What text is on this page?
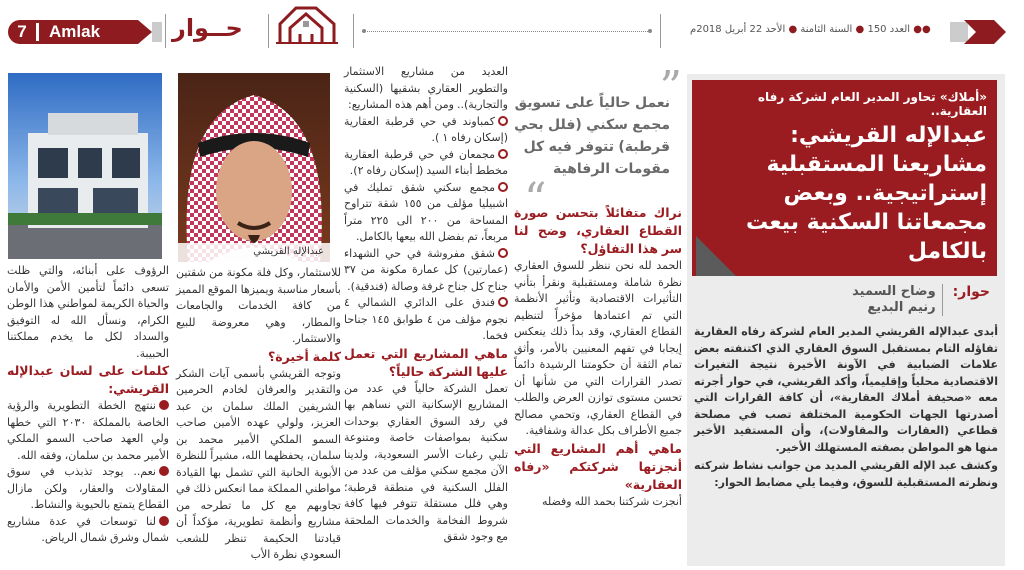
7	Amlak	حــوار	●● العدد 150 ● السنة الثامنة ● الأحد 22 أبريل 2018م
«أملاك» تحاور المدير العام لشركة رفاه العقارية..
عبدالإله القريشي: مشاريعنا المستقبلية إستراتيجية.. وبعض مجمعاتنا السكنية بيعت بالكامل
حوار:
وضاح السميد
رنيم البديع

أبدى عبدالإله القريشي المدير العام لشركة رفاه العقارية تفاؤله التام بمستقبل السوق العقاري الذي اكتنفته بعض علامات الضبابية في الآونة الأخيرة نتيجة التغيرات الاقتصادية محلياً وإقليمياً، وأكد القريشي، في حوار أجرته معه «صحيفة أملاك العقارية»، أن كافة القرارات التي أصدرتها الجهات الحكومية المختلفة تصب في مصلحة قطاعي (العقارات والمقاولات)، وأن المستفيد الأخير منها هو المواطن بصفته المستهلك الأخير.

وكشف عبد الإله القريشي المديد من جوانب نشاط شركته ونظرته المستقبلية للسوق، وفيما يلي مضابط الحوار:

”
نعمل حالياً على تسويق مجمع سكني (فلل بحي قرطبة) تتوفر فيه كل مقومات الرفاهية
“
نراك متفائلاً بتحسن صورة القطاع العقاري، وضح لنا سر هذا التفاؤل؟

الحمد لله نحن ننظر للسوق العقاري نظرة شاملة ومستقبلية ونقرأ بتأني التأثيرات الاقتصادية وتأثير الأنظمة التي تم اعتمادها مؤخراً لتنظيم القطاع العقاري، وقد بدأ ذلك ينعكس إيجابا في تفهم المعنيين بالأمر، وأثق تمام الثقة أن حكومتنا الرشيدة دائماً تصدر القرارات التي من شأنها أن تحسن مستوى توازن العرض والطلب في القطاع العقاري، وتحمي مصالح جميع الأطراف بكل عدالة وشفافية.

ماهي أهم المشاريع التي أنجزتها شركتكم «رفاه العقارية»

أنجزت شركتنا بحمد الله وفضله

العديد من مشاريع الاستثمار والتطوير العقاري بشقيها (السكنية والتجارية).. ومن أهم هذه المشاريع:

كمباوند في حي قرطبة العقارية (إسكان رفاه ١ ).

مجمعان في حي قرطبة العقارية مخطط أبناء السيد (إسكان رفاه ٢).

مجمع سكني شقق تمليك في اشبيليا مؤلف من ١٥٥ شقة تتراوح المساحة من ٢٠٠ الى ٢٢٥ متراً مربعاً، تم بفضل الله بيعها بالكامل.

شقق مفروشة في حي الشهداء (عمارتين) كل عمارة مكونة من ٣٧ جناح كل جناح غرفة وصالة (فندقية).

فندق على الدائري الشمالي ٤ نجوم مؤلف من ٤ طوابق ١٤٥ جناحا فخما.

ماهي المشاريع التي تعمل عليها الشركة حالياً؟

تعمل الشركة حالياً في عدد من المشاريع الإسكانية التي نساهم بها في رفد السوق العقاري بوحدات سكنية بمواصفات خاصة ومتنوعة تلبي رغبات الأسر السعودية، ولدينا الآن مجمع سكني مؤلف من عدد من الفلل السكنية في منطقة قرطبة؛ وهي فلل مستقلة تتوفر فيها كافة شروط الفخامة والخدمات الملحقة مع وجود شقق

عبدالإله القريشي

للاستثمار، وكل فلة مكونة من شقتين بأسعار مناسبة ويميزها الموقع المميز من كافة الخدمات والجامعات والمطار، وهي معروضة للبيع والاستثمار.

كلمة أخيرة؟

وتوجه القريشي بأسمى آيات الشكر والتقدير والعرفان لخادم الحرمين الشريفين الملك سلمان بن عبد العزيز، ولولي عهده الأمين صاحب السمو الملكي الأمير محمد بن سلمان، يحفظهما الله، مشيراً للنظرة الأبوية الحانية التي تشمل بها القيادة مواطني المملكة مما انعكس ذلك في تجاوبهم مع كل ما تطرحه من مشاريع وأنظمة تطويرية، مؤكداً أن قيادتنا الحكيمة تنظر للشعب السعودي نظرة الأب

الرؤوف على أبنائه، والتي ظلت تسعى دائماً لتأمين الأمن والأمان والحياة الكريمة لمواطني هذا الوطن الكرام، ونسأل الله له التوفيق والسداد لكل ما يخدم مملكتنا الحبيبة.

كلمات على لسان عبدالإله القريشي:

ننتهج الخطة التطويرية والرؤية الخاصة بالمملكة ٢٠٣٠ التي خطها ولي العهد صاحب السمو الملكي الأمير محمد بن سلمان، وفقه الله.

نعم.. يوجد تذبذب في سوق المقاولات والعقار، ولكن مازال القطاع يتمتع بالحيوية والنشاط.

لنا توسعات في عدة مشاريع شمال وشرق شمال الرياض.
